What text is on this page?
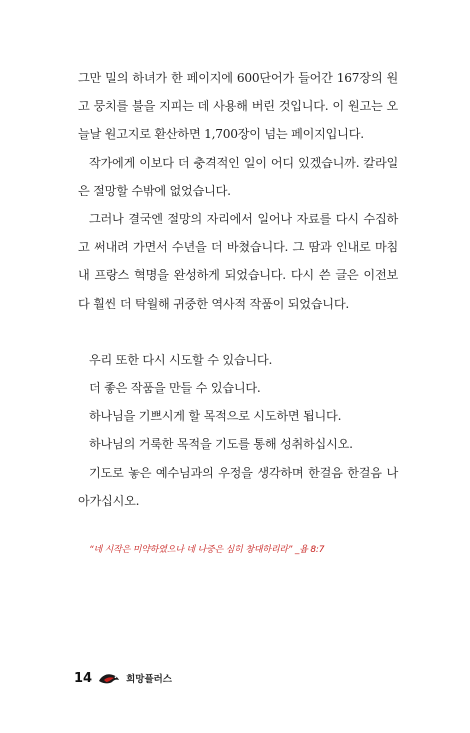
그만 밀의 하녀가 한 페이지에 600단어가 들어간 167장의 원고 뭉치를 불을 지피는 데 사용해 버린 것입니다. 이 원고는 오늘날 원고지로 환산하면 1,700장이 넘는 페이지입니다.

작가에게 이보다 더 충격적인 일이 어디 있겠습니까. 칼라일은 절망할 수밖에 없었습니다.

그러나 결국엔 절망의 자리에서 일어나 자료를 다시 수집하고 써내려 가면서 수년을 더 바쳤습니다. 그 땀과 인내로 마침내 프랑스 혁명을 완성하게 되었습니다. 다시 쓴 글은 이전보다 훨씬 더 탁월해 귀중한 역사적 작품이 되었습니다.

우리 또한 다시 시도할 수 있습니다.

더 좋은 작품을 만들 수 있습니다.

하나님을 기쁘시게 할 목적으로 시도하면 됩니다.

하나님의 거룩한 목적을 기도를 통해 성취하십시오.

기도로 놓은 예수님과의 우정을 생각하며 한걸음 한걸음 나아가십시오.

“네 시작은 미약하였으나 네 나중은 심히 창대하리라” _욥 8:7
14	희망플러스
